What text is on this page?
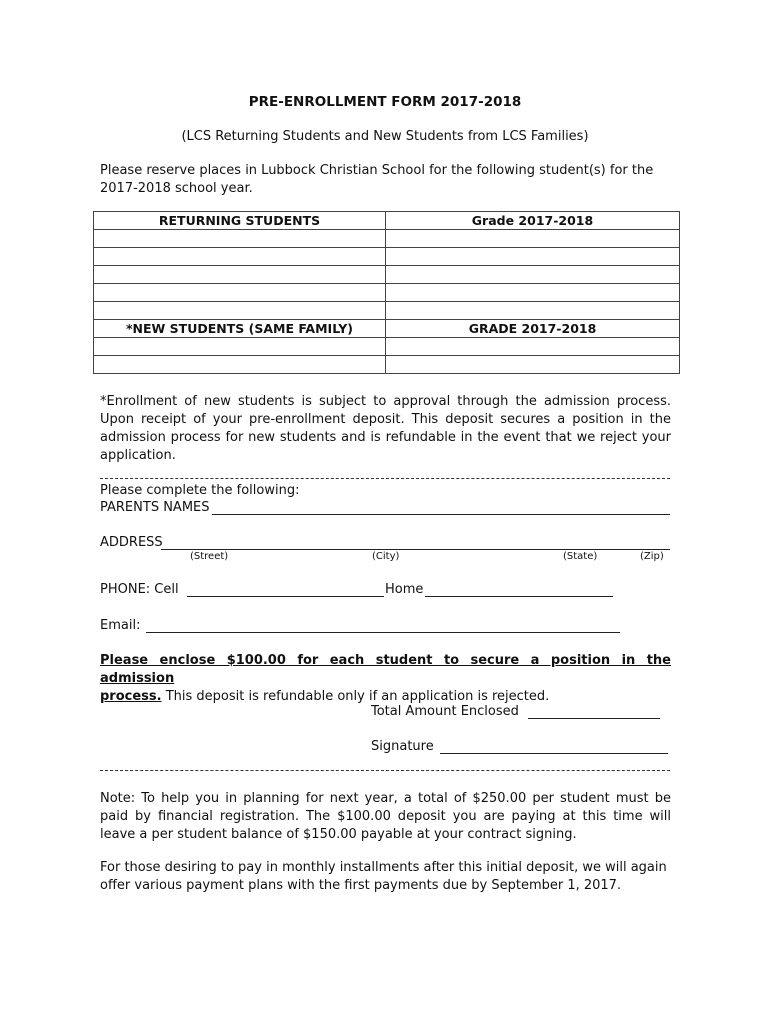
PRE-ENROLLMENT FORM 2017-2018
(LCS Returning Students and New Students from LCS Families)
Please reserve places in Lubbock Christian School for the following student(s) for the
2017-2018 school year.
RETURNING STUDENTS	Grade 2017-2018

*NEW STUDENTS (SAME FAMILY)	GRADE 2017-2018

*Enrollment of new students is subject to approval through the admission process. Upon receipt of your pre-enrollment deposit. This deposit secures a position in the admission process for new students and is refundable in the event that we reject your application.
Please complete the following:
PARENTS NAMES
ADDRESS
(Street)	(City)	(State)	(Zip)
PHONE: Cell	Home
Email:
Please enclose $100.00 for each student to secure a position in the admission
process. This deposit is refundable only if an application is rejected.
Total Amount Enclosed
Signature
Note: To help you in planning for next year, a total of $250.00 per student must be paid by financial registration. The $100.00 deposit you are paying at this time will leave a per student balance of $150.00 payable at your contract signing.
For those desiring to pay in monthly installments after this initial deposit, we will again offer various payment plans with the first payments due by September 1, 2017.
